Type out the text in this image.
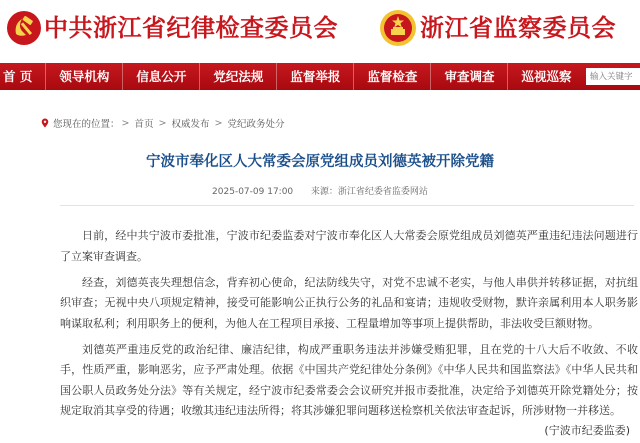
中共浙江省纪律检查委员会	浙江省监察委员会
首 页	领导机构	信息公开	党纪法规	监督举报	监督检查	审查调查	巡视巡察
输入关键字
您现在的位置： > 首页 > 权威发布 > 党纪政务处分
宁波市奉化区人大常委会原党组成员刘德英被开除党籍
2025-07-09 17:00 来源：浙江省纪委省监委网站

日前，经中共宁波市委批准，宁波市纪委监委对宁波市奉化区人大常委会原党组成员刘德英严重违纪违法问题进行了立案审查调查。

经查，刘德英丧失理想信念，背弃初心使命，纪法防线失守，对党不忠诚不老实，与他人串供并转移证据，对抗组织审查；无视中央八项规定精神，接受可能影响公正执行公务的礼品和宴请；违规收受财物，默许亲属利用本人职务影响谋取私利；利用职务上的便利，为他人在工程项目承接、工程量增加等事项上提供帮助，非法收受巨额财物。

刘德英严重违反党的政治纪律、廉洁纪律，构成严重职务违法并涉嫌受贿犯罪，且在党的十八大后不收敛、不收手，性质严重，影响恶劣，应予严肃处理。依据《中国共产党纪律处分条例》《中华人民共和国监察法》《中华人民共和国公职人员政务处分法》等有关规定，经宁波市纪委常委会会议研究并报市委批准，决定给予刘德英开除党籍处分；按规定取消其享受的待遇；收缴其违纪违法所得；将其涉嫌犯罪问题移送检察机关依法审查起诉，所涉财物一并移送。

(宁波市纪委监委)
